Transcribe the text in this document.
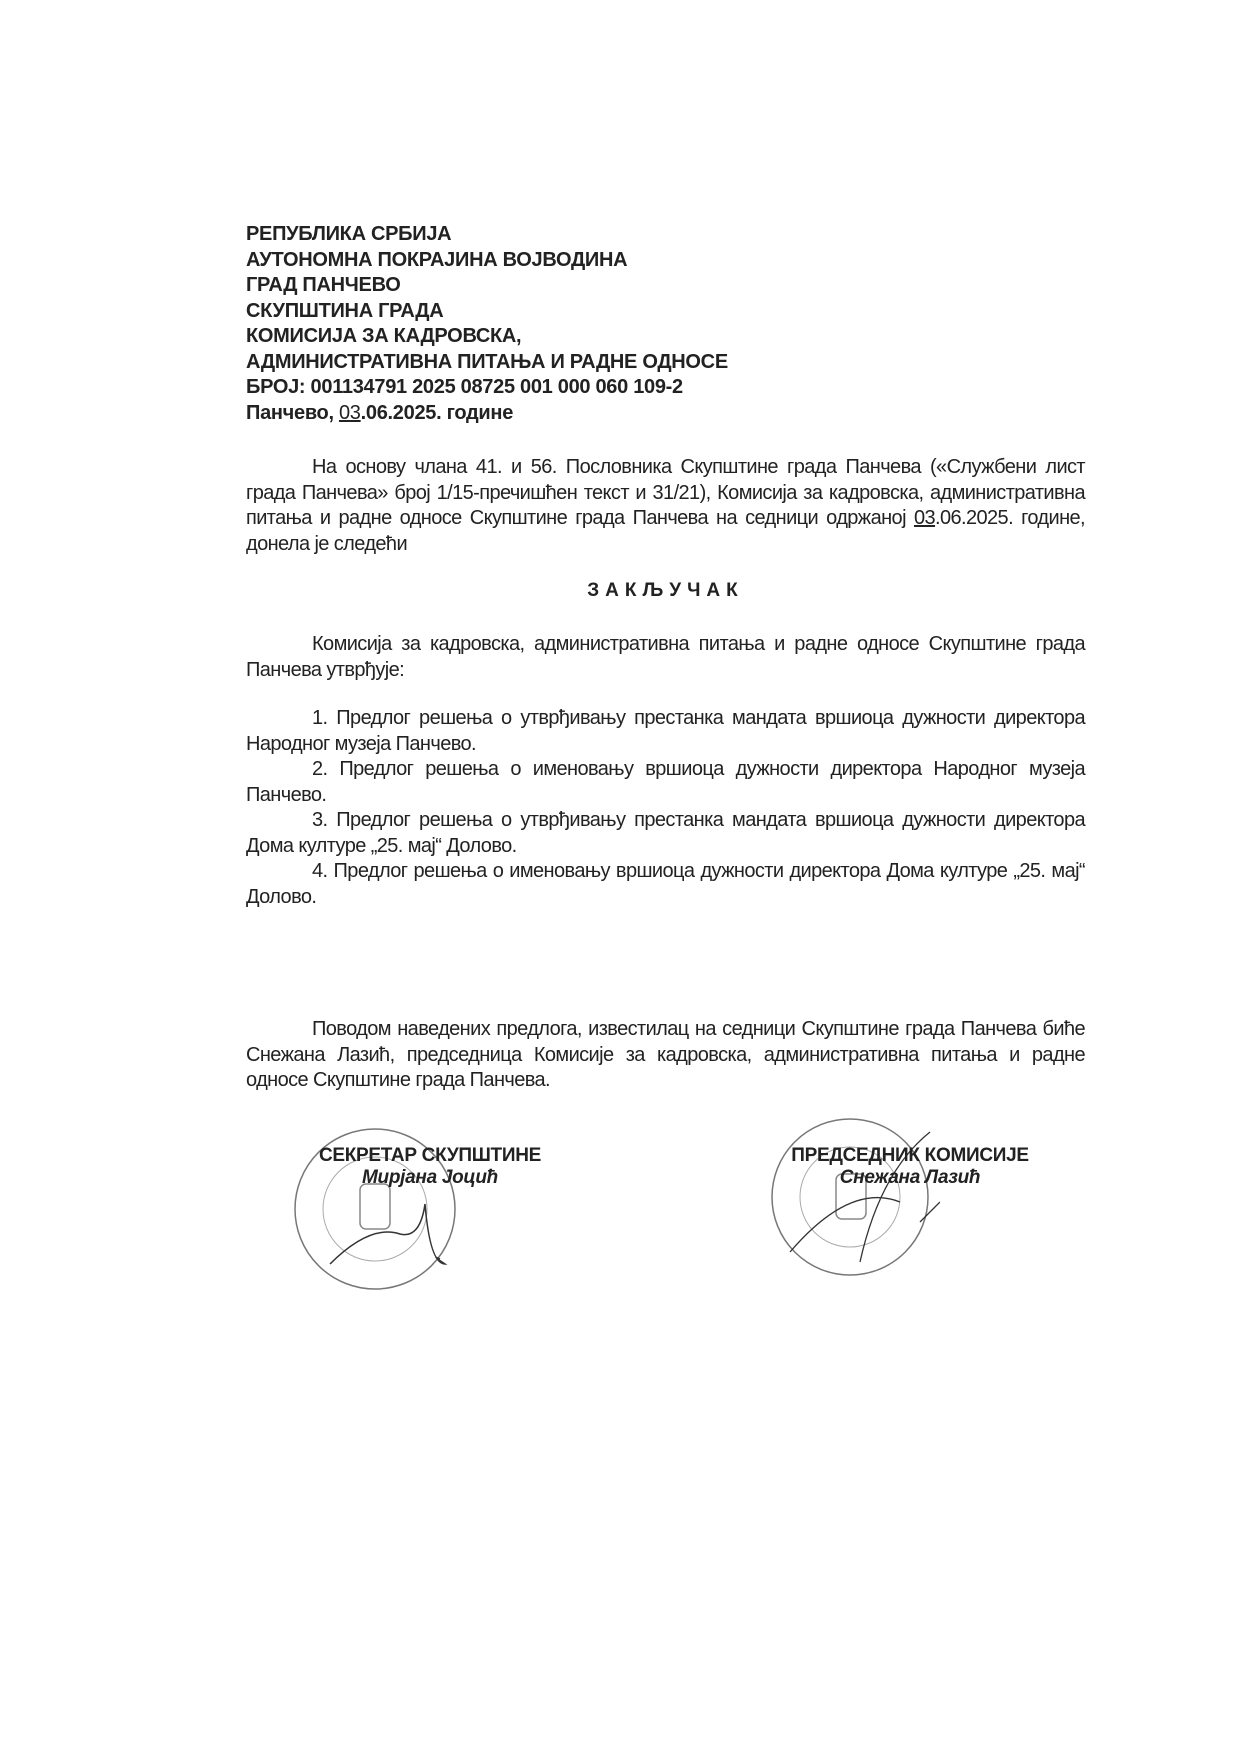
РЕПУБЛИКА СРБИЈА
АУТОНОМНА ПОКРАЈИНА ВОЈВОДИНА
ГРАД ПАНЧЕВО
СКУПШТИНА ГРАДА
КОМИСИЈА ЗА КАДРОВСКА,
АДМИНИСТРАТИВНА ПИТАЊА И РАДНЕ ОДНОСЕ
БРОЈ: 001134791 2025 08725 001 000 060 109-2
Панчево, 03.06.2025. године
На основу члана 41. и 56. Пословника Скупштине града Панчева («Службени лист града Панчева» број 1/15-пречишћен текст и 31/21), Комисија за кадровска, административна питања и радне односе Скупштине града Панчева на седници одржаној 03.06.2025. године, донела је следећи
ЗАКЉУЧАК
Комисија за кадровска, административна питања и радне односе Скупштине града Панчева утврђује:
1. Предлог решења о утврђивању престанка мандата вршиоца дужности директора Народног музеја Панчево.
2. Предлог решења о именовању вршиоца дужности директора Народног музеја Панчево.
3. Предлог решења о утврђивању престанка мандата вршиоца дужности директора Дома културе „25. мај“ Долово.
4. Предлог решења о именовању вршиоца дужности директора Дома културе „25. мај“ Долово.
Поводом наведених предлога, известилац на седници Скупштине града Панчева биће Снежана Лазић, председница Комисије за кадровска, административна питања и радне односе Скупштине града Панчева.
СЕКРЕТАР СКУПШТИНЕ
Мирјана Јоцић
ПРЕДСЕДНИК КОМИСИЈЕ
Снежана Лазић
